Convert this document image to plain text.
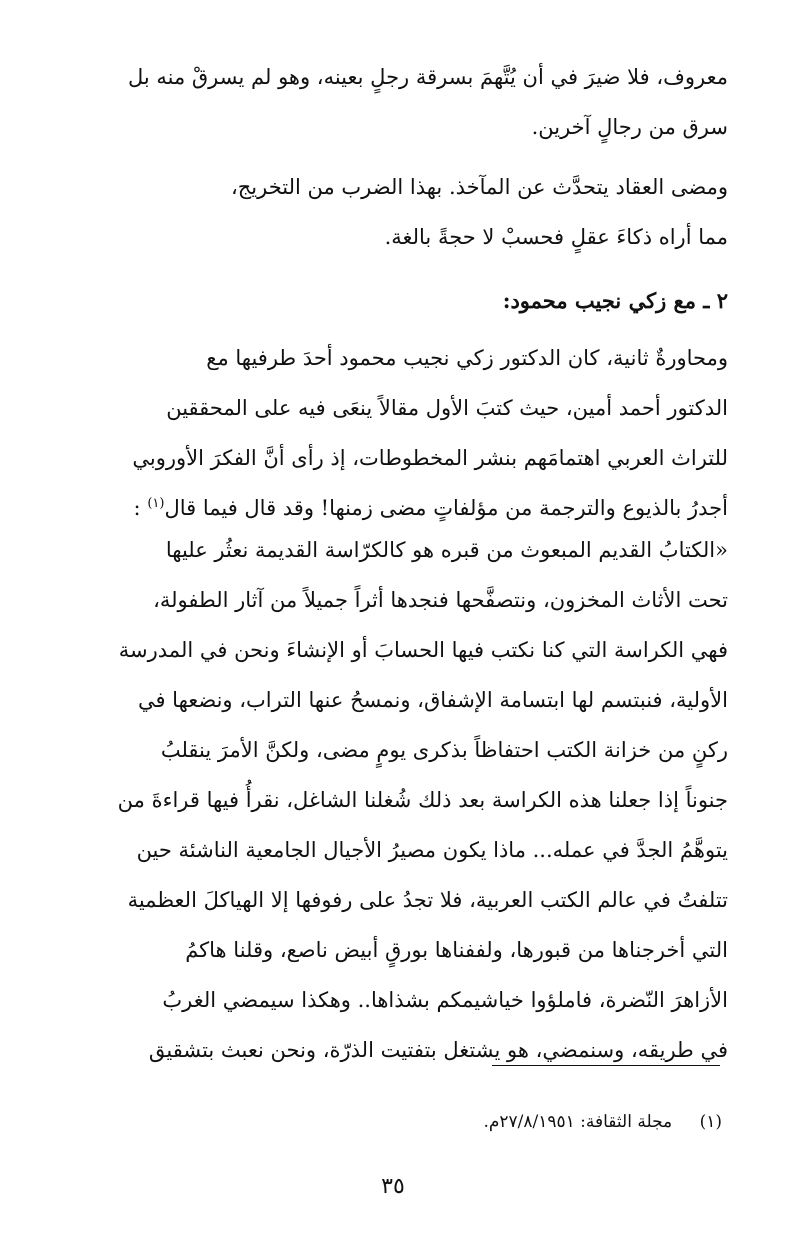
معروف، فلا ضيرَ في أن يُتَّهمَ بسرقة رجلٍ بعينه، وهو لم يسرقْ منه بل
سرق من رجالٍ آخرين.
ومضى العقاد يتحدَّث عن المآخذ. بهذا الضرب من التخريج،
مما أراه ذكاءَ عقلٍ فحسبْ لا حجةً بالغة.
٢ ـ مع زكي نجيب محمود:
ومحاورةٌ ثانية، كان الدكتور زكي نجيب محمود أحدَ طرفيها مع
الدكتور أحمد أمين، حيث كتبَ الأول مقالاً ينعَى فيه على المحققين
للتراث العربي اهتمامَهم بنشر المخطوطات، إذ رأى أنَّ الفكرَ الأوروبي
أجدرُ بالذيوع والترجمة من مؤلفاتٍ مضى زمنها! وقد قال فيما قال$^{(١)}$ :
«الكتابُ القديم المبعوث من قبره هو كالكرّاسة القديمة نعثُر عليها
تحت الأثاث المخزون، ونتصفَّحها فنجدها أثراً جميلاً من آثار الطفولة،
فهي الكراسة التي كنا نكتب فيها الحسابَ أو الإنشاءَ ونحن في المدرسة
الأولية، فنبتسم لها ابتسامة الإشفاق، ونمسحُ عنها التراب، ونضعها في
ركنٍ من خزانة الكتب احتفاظاً بذكرى يومٍ مضى، ولكنَّ الأمرَ ينقلبُ
جنوناً إذا جعلنا هذه الكراسة بعد ذلك شُغلنا الشاغل، نقرأُ فيها قراءةَ من
يتوهَّمُ الجدَّ في عمله... ماذا يكون مصيرُ الأجيال الجامعية الناشئة حين
تتلفتُ في عالم الكتب العربية، فلا تجدُ على رفوفها إلا الهياكلَ العظمية
التي أخرجناها من قبورها، ولففناها بورقٍ أبيض ناصع، وقلنا هاكمُ
الأزاهرَ النّضرة، فاملؤوا خياشيمكم بشذاها.. وهكذا سيمضي الغربُ
في طريقه، وسنمضي، هو يشتغل بتفتيت الذرّة، ونحن نعبث بتشقيق
(١) مجلة الثقافة: ٢٧/٨/١٩٥١م.
٣٥
